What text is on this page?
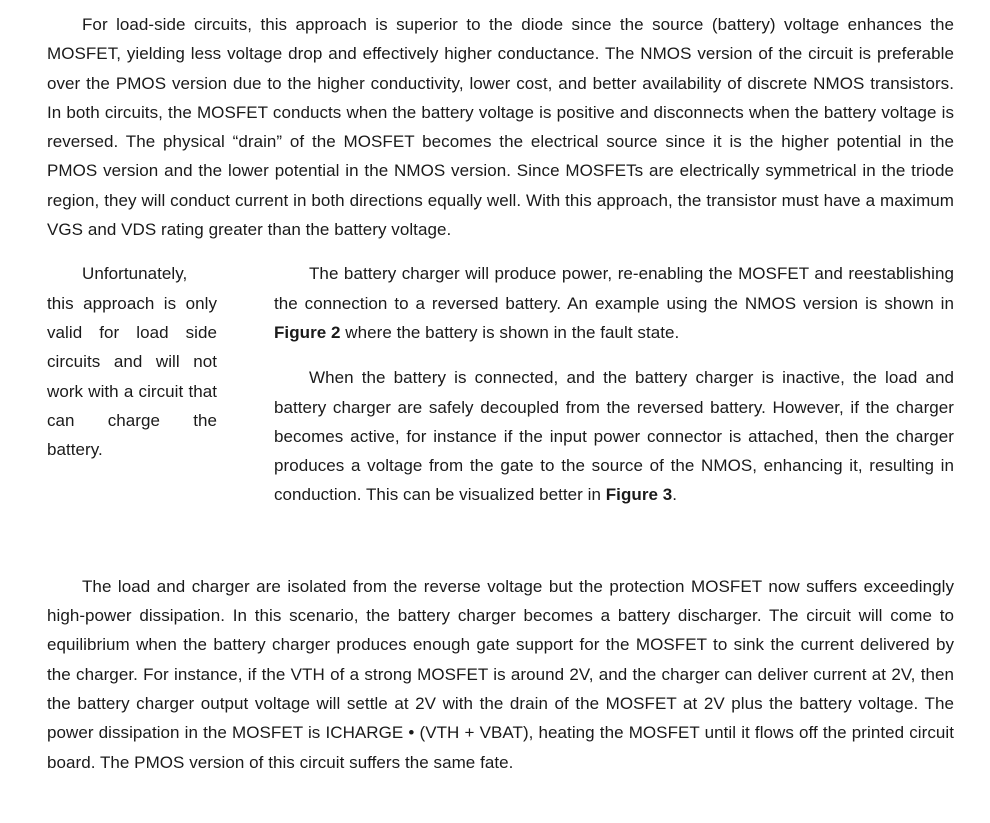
For load-side circuits, this approach is superior to the diode since the source (battery) voltage enhances the MOSFET, yielding less voltage drop and effectively higher conductance. The NMOS version of the circuit is preferable over the PMOS version due to the higher conductivity, lower cost, and better availability of discrete NMOS transistors. In both circuits, the MOSFET conducts when the battery voltage is positive and disconnects when the battery voltage is reversed. The physical “drain” of the MOSFET becomes the electrical source since it is the higher potential in the PMOS version and the lower potential in the NMOS version. Since MOSFETs are electrically symmetrical in the triode region, they will conduct current in both directions equally well. With this approach, the transistor must have a maximum VGS and VDS rating greater than the battery voltage.

Unfortunately, this approach is only valid for load side circuits and will not work with a circuit that can charge the battery.

The battery charger will produce power, re-enabling the MOSFET and reestablishing the connection to a reversed battery. An example using the NMOS version is shown in Figure 2 where the battery is shown in the fault state.

When the battery is connected, and the battery charger is inactive, the load and battery charger are safely decoupled from the reversed battery. However, if the charger becomes active, for instance if the input power connector is attached, then the charger produces a voltage from the gate to the source of the NMOS, enhancing it, resulting in conduction. This can be visualized better in Figure 3.

The load and charger are isolated from the reverse voltage but the protection MOSFET now suffers exceedingly high-power dissipation. In this scenario, the battery charger becomes a battery discharger. The circuit will come to equilibrium when the battery charger produces enough gate support for the MOSFET to sink the current delivered by the charger. For instance, if the VTH of a strong MOSFET is around 2V, and the charger can deliver current at 2V, then the battery charger output voltage will settle at 2V with the drain of the MOSFET at 2V plus the battery voltage. The power dissipation in the MOSFET is ICHARGE • (VTH + VBAT), heating the MOSFET until it flows off the printed circuit board. The PMOS version of this circuit suffers the same fate.
